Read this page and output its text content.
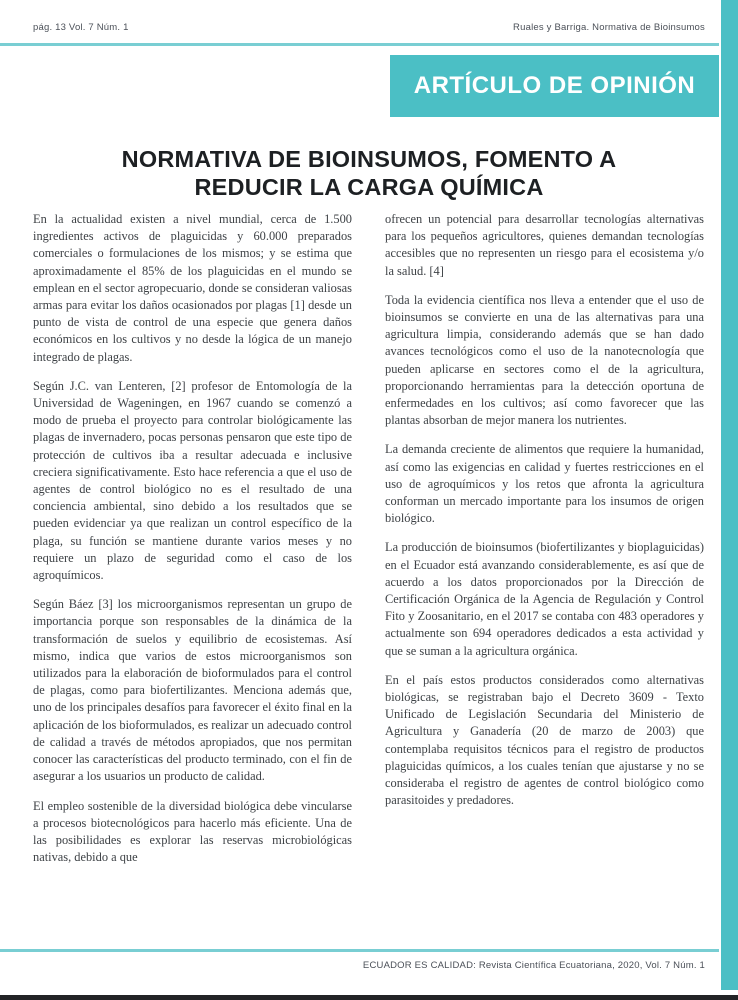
pág. 13 Vol. 7 Núm. 1	Ruales y Barriga. Normativa de Bioinsumos
ARTÍCULO DE OPINIÓN
NORMATIVA DE BIOINSUMOS, FOMENTO A
REDUCIR LA CARGA QUÍMICA

En la actualidad existen a nivel mundial, cerca de 1.500 ingredientes activos de plaguicidas y 60.000 preparados comerciales o formulaciones de los mismos; y se estima que aproximadamente el 85% de los plaguicidas en el mundo se emplean en el sector agropecuario, donde se consideran valiosas armas para evitar los daños ocasionados por plagas [1] desde un punto de vista de control de una especie que genera daños económicos en los cultivos y no desde la lógica de un manejo integrado de plagas.

Según J.C. van Lenteren, [2] profesor de Entomología de la Universidad de Wageningen, en 1967 cuando se comenzó a modo de prueba el proyecto para controlar biológicamente las plagas de invernadero, pocas personas pensaron que este tipo de protección de cultivos iba a resultar adecuada e inclusive creciera significativamente. Esto hace referencia a que el uso de agentes de control biológico no es el resultado de una conciencia ambiental, sino debido a los resultados que se pueden evidenciar ya que realizan un control específico de la plaga, su función se mantiene durante varios meses y no requiere un plazo de seguridad como el caso de los agroquímicos.

Según Báez [3] los microorganismos representan un grupo de importancia porque son responsables de la dinámica de la transformación de suelos y equilibrio de ecosistemas. Así mismo, indica que varios de estos microorganismos son utilizados para la elaboración de bioformulados para el control de plagas, como para biofertilizantes. Menciona además que, uno de los principales desafíos para favorecer el éxito final en la aplicación de los bioformulados, es realizar un adecuado control de calidad a través de métodos apropiados, que nos permitan conocer las características del producto terminado, con el fin de asegurar a los usuarios un producto de calidad.

El empleo sostenible de la diversidad biológica debe vincularse a procesos biotecnológicos para hacerlo más eficiente. Una de las posibilidades es explorar las reservas microbiológicas nativas, debido a que

ofrecen un potencial para desarrollar tecnologías alternativas para los pequeños agricultores, quienes demandan tecnologías accesibles que no representen un riesgo para el ecosistema y/o la salud. [4]

Toda la evidencia científica nos lleva a entender que el uso de bioinsumos se convierte en una de las alternativas para una agricultura limpia, considerando además que se han dado avances tecnológicos como el uso de la nanotecnología que pueden aplicarse en sectores como el de la agricultura, proporcionando herramientas para la detección oportuna de enfermedades en los cultivos; así como favorecer que las plantas absorban de mejor manera los nutrientes.

La demanda creciente de alimentos que requiere la humanidad, así como las exigencias en calidad y fuertes restricciones en el uso de agroquímicos y los retos que afronta la agricultura conforman un mercado importante para los insumos de origen biológico.

La producción de bioinsumos (biofertilizantes y bioplaguicidas) en el Ecuador está avanzando considerablemente, es así que de acuerdo a los datos proporcionados por la Dirección de Certificación Orgánica de la Agencia de Regulación y Control Fito y Zoosanitario, en el 2017 se contaba con 483 operadores y actualmente son 694 operadores dedicados a esta actividad y que se suman a la agricultura orgánica.

En el país estos productos considerados como alternativas biológicas, se registraban bajo el Decreto 3609 - Texto Unificado de Legislación Secundaria del Ministerio de Agricultura y Ganadería (20 de marzo de 2003) que contemplaba requisitos técnicos para el registro de productos plaguicidas químicos, a los cuales tenían que ajustarse y no se consideraba el registro de agentes de control biológico como parasitoides y predadores.

ECUADOR ES CALIDAD: Revista Científica Ecuatoriana, 2020, Vol. 7 Núm. 1
